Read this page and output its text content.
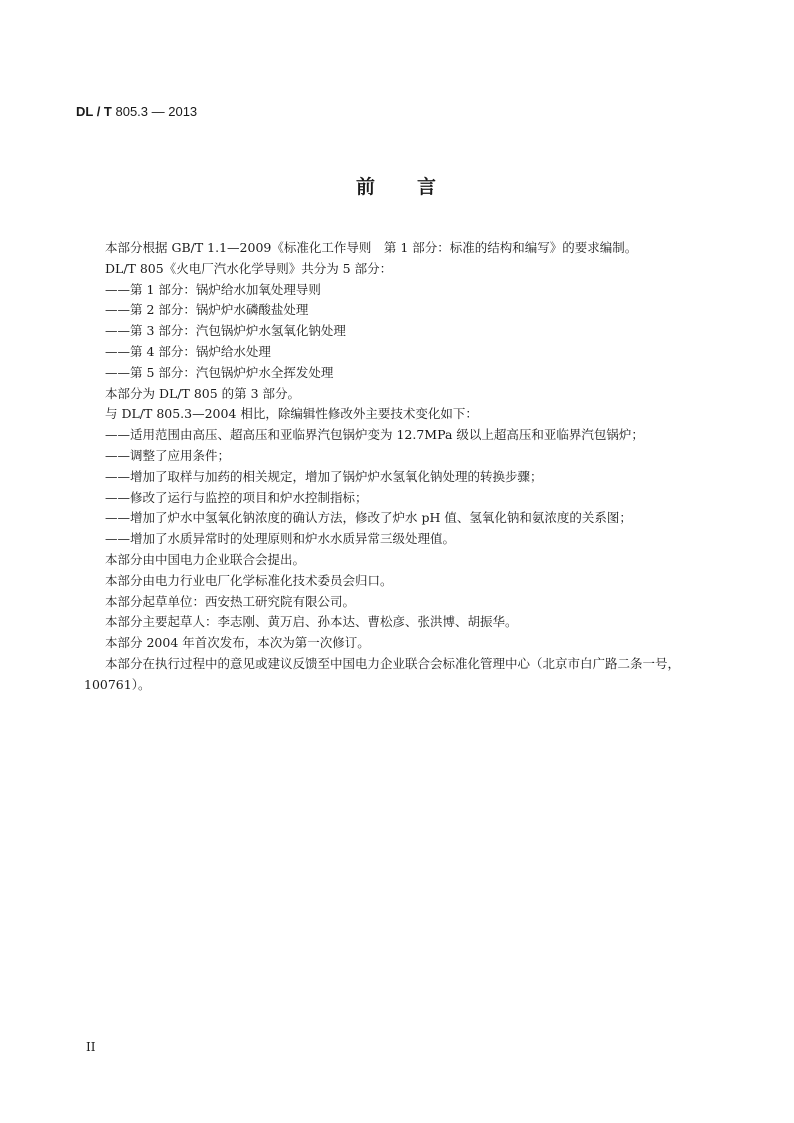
DL / T 805.3 — 2013
前 言

本部分根据 GB/T 1.1—2009《标准化工作导则　第 1 部分：标准的结构和编写》的要求编制。

DL/T 805《火电厂汽水化学导则》共分为 5 部分：

——第 1 部分：锅炉给水加氧处理导则

——第 2 部分：锅炉炉水磷酸盐处理

——第 3 部分：汽包锅炉炉水氢氧化钠处理

——第 4 部分：锅炉给水处理

——第 5 部分：汽包锅炉炉水全挥发处理

本部分为 DL/T 805 的第 3 部分。

与 DL/T 805.3—2004 相比，除编辑性修改外主要技术变化如下：

——适用范围由高压、超高压和亚临界汽包锅炉变为 12.7MPa 级以上超高压和亚临界汽包锅炉；

——调整了应用条件；

——增加了取样与加药的相关规定，增加了锅炉炉水氢氧化钠处理的转换步骤；

——修改了运行与监控的项目和炉水控制指标；

——增加了炉水中氢氧化钠浓度的确认方法，修改了炉水 pH 值、氢氧化钠和氨浓度的关系图；

——增加了水质异常时的处理原则和炉水水质异常三级处理值。

本部分由中国电力企业联合会提出。

本部分由电力行业电厂化学标准化技术委员会归口。

本部分起草单位：西安热工研究院有限公司。

本部分主要起草人：李志刚、黄万启、孙本达、曹松彦、张洪博、胡振华。

本部分 2004 年首次发布，本次为第一次修订。

本部分在执行过程中的意见或建议反馈至中国电力企业联合会标准化管理中心（北京市白广路二条一号，100761）。

II
